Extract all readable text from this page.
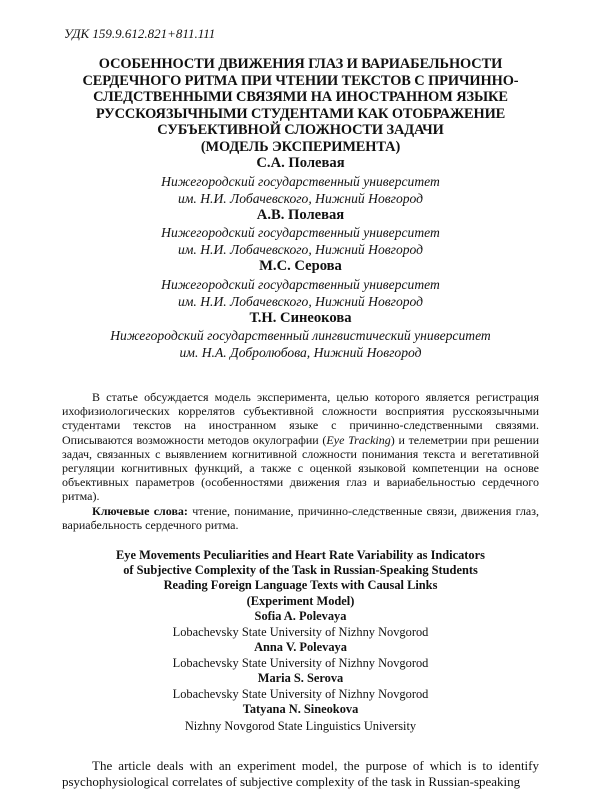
УДК 159.9.612.821+811.111
ОСОБЕННОСТИ ДВИЖЕНИЯ ГЛАЗ И ВАРИАБЕЛЬНОСТИ
СЕРДЕЧНОГО РИТМА ПРИ ЧТЕНИИ ТЕКСТОВ С ПРИЧИННО-
СЛЕДСТВЕННЫМИ СВЯЗЯМИ НА ИНОСТРАННОМ ЯЗЫКЕ
РУССКОЯЗЫЧНЫМИ СТУДЕНТАМИ КАК ОТОБРАЖЕНИЕ
СУБЪЕКТИВНОЙ СЛОЖНОСТИ ЗАДАЧИ
(МОДЕЛЬ ЭКСПЕРИМЕНТА)
С.А. Полевая
Нижегородский государственный университет
им. Н.И. Лобачевского, Нижний Новгород
А.В. Полевая
Нижегородский государственный университет
им. Н.И. Лобачевского, Нижний Новгород
М.С. Серова
Нижегородский государственный университет
им. Н.И. Лобачевского, Нижний Новгород
Т.Н. Синеокова
Нижегородский государственный лингвистический университет
им. Н.А. Добролюбова, Нижний Новгород

В статье обсуждается модель эксперимента, целью которого является регистрация ихофизиологических коррелятов субъективной сложности восприятия русскоязычными студентами текстов на иностранном языке с причинно-следственными связями. Описываются возможности методов окулографии (Eye Tracking) и телеметрии при решении задач, связанных с выявлением когнитивной сложности понимания текста и вегетативной регуляции когнитивных функций, а также с оценкой языковой компетенции на основе объективных параметров (особенностями движения глаз и вариабельностью сердечного ритма).

Ключевые слова: чтение, понимание, причинно-следственные связи, движения глаз, вариабельность сердечного ритма.

Eye Movements Peculiarities and Heart Rate Variability as Indicators
of Subjective Complexity of the Task in Russian-Speaking Students
Reading Foreign Language Texts with Causal Links
(Experiment Model)
Sofia A. Polevaya
Lobachevsky State University of Nizhny Novgorod
Anna V. Polevaya
Lobachevsky State University of Nizhny Novgorod
Maria S. Serova
Lobachevsky State University of Nizhny Novgorod
Tatyana N. Sineokova
Nizhny Novgorod State Linguistics University

The article deals with an experiment model, the purpose of which is to identify psychophysiological correlates of subjective complexity of the task in Russian-speaking
